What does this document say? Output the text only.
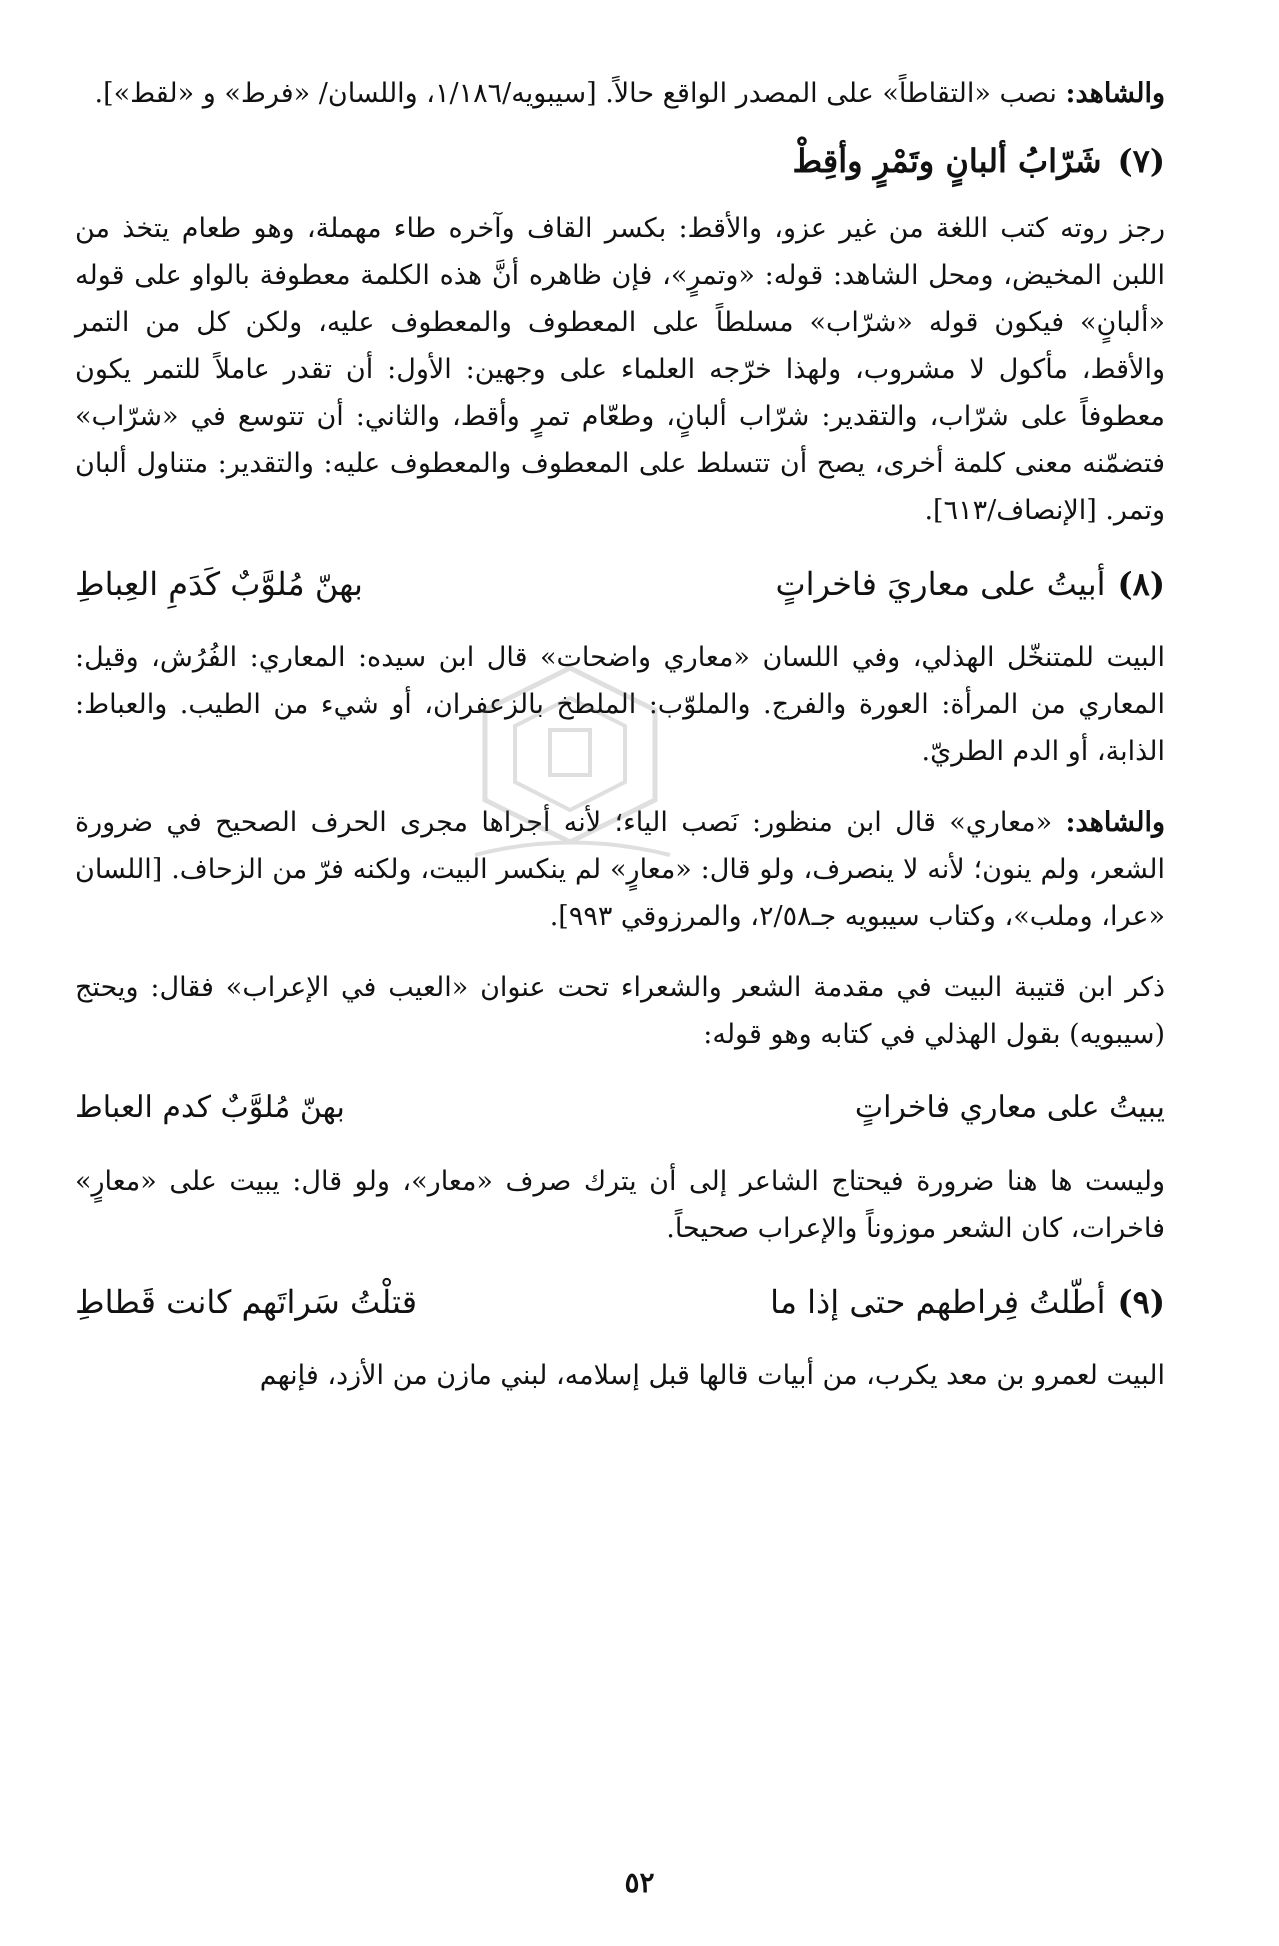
والشاهد: نصب «التقاطاً» على المصدر الواقع حالاً. [سيبويه/١/١٨٦، واللسان/ «فرط» و «لقط»].

(٧)
شَرّابُ ألبانٍ وتَمْرٍ وأقِطْ

رجز روته كتب اللغة من غير عزو، والأقط: بكسر القاف وآخره طاء مهملة، وهو طعام يتخذ من اللبن المخيض، ومحل الشاهد: قوله: «وتمرٍ»، فإن ظاهره أنَّ هذه الكلمة معطوفة بالواو على قوله «ألبانٍ» فيكون قوله «شرّاب» مسلطاً على المعطوف والمعطوف عليه، ولكن كل من التمر والأقط، مأكول لا مشروب، ولهذا خرّجه العلماء على وجهين: الأول: أن تقدر عاملاً للتمر يكون معطوفاً على شرّاب، والتقدير: شرّاب ألبانٍ، وطعّام تمرٍ وأقط، والثاني: أن تتوسع في «شرّاب» فتضمّنه معنى كلمة أخرى، يصح أن تتسلط على المعطوف والمعطوف عليه: والتقدير: متناول ألبان وتمر. [الإنصاف/٦١٣].

(٨)أبيتُ على معاريَ فاخراتٍ
بهنّ مُلوَّبٌ كَدَمِ العِباطِ

البيت للمتنخّل الهذلي، وفي اللسان «معاري واضحات» قال ابن سيده: المعاري: الفُرُش، وقيل: المعاري من المرأة: العورة والفرج. والملوّب: الملطخ بالزعفران، أو شيء من الطيب. والعباط: الذابة، أو الدم الطريّ.

والشاهد: «معاري» قال ابن منظور: نَصب الياء؛ لأنه أجراها مجرى الحرف الصحيح في ضرورة الشعر، ولم ينون؛ لأنه لا ينصرف، ولو قال: «معارٍ» لم ينكسر البيت، ولكنه فرّ من الزحاف. [اللسان «عرا، وملب»، وكتاب سيبويه جـ٢/٥٨، والمرزوقي ٩٩٣].

ذكر ابن قتيبة البيت في مقدمة الشعر والشعراء تحت عنوان «العيب في الإعراب» فقال: ويحتج (سيبويه) بقول الهذلي في كتابه وهو قوله:

يبيتُ على معاري فاخراتٍ
بهنّ مُلوَّبٌ كدم العباط

وليست ها هنا ضرورة فيحتاج الشاعر إلى أن يترك صرف «معار»، ولو قال: يبيت على «معارٍ» فاخرات، كان الشعر موزوناً والإعراب صحيحاً.

(٩)أطّلتُ فِراطهم حتى إذا ما
قتلْتُ سَراتَهم كانت قَطاطِ

البيت لعمرو بن معد يكرب، من أبيات قالها قبل إسلامه، لبني مازن من الأزد، فإنهم

٥٢
